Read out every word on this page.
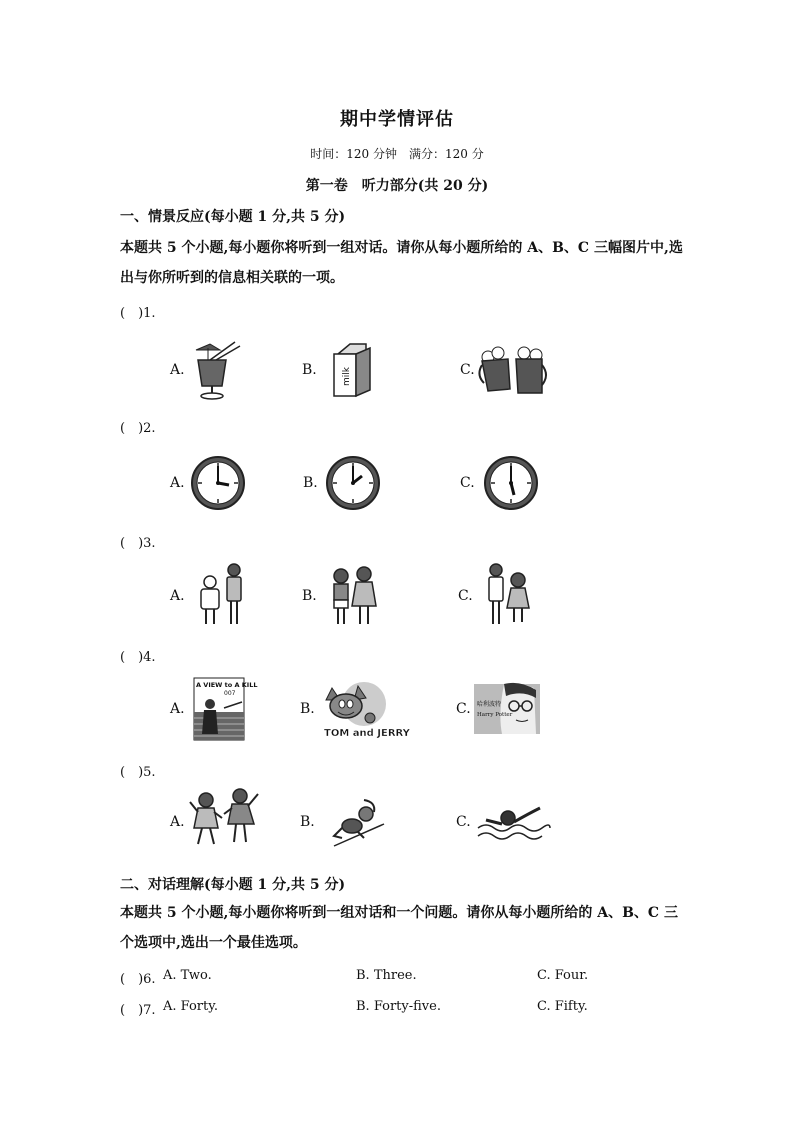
期中学情评估
时间：120 分钟　满分：120 分
第一卷　听力部分(共 20 分)
一、情景反应(每小题 1 分,共 5 分)
本题共 5 个小题,每小题你将听到一组对话。请你从每小题所给的 A、B、C 三幅图片中,选出与你所听到的信息相关联的一项。
(　)1.
A.	B.	C.
milk
(　)2.
A.	B.	C.
(　)3.
A.	B.	C.
(　)4.
A.	B.	C.
A VIEW to A KILL
007
TOM and JERRY
哈利波特
Harry Potter
(　)5.
A.	B.	C.
二、对话理解(每小题 1 分,共 5 分)
本题共 5 个小题,每小题你将听到一组对话和一个问题。请你从每小题所给的 A、B、C 三个选项中,选出一个最佳选项。
(　)6. A. Two.	B. Three.	C. Four.
(　)7. A. Forty.	B. Forty-five.	C. Fifty.
